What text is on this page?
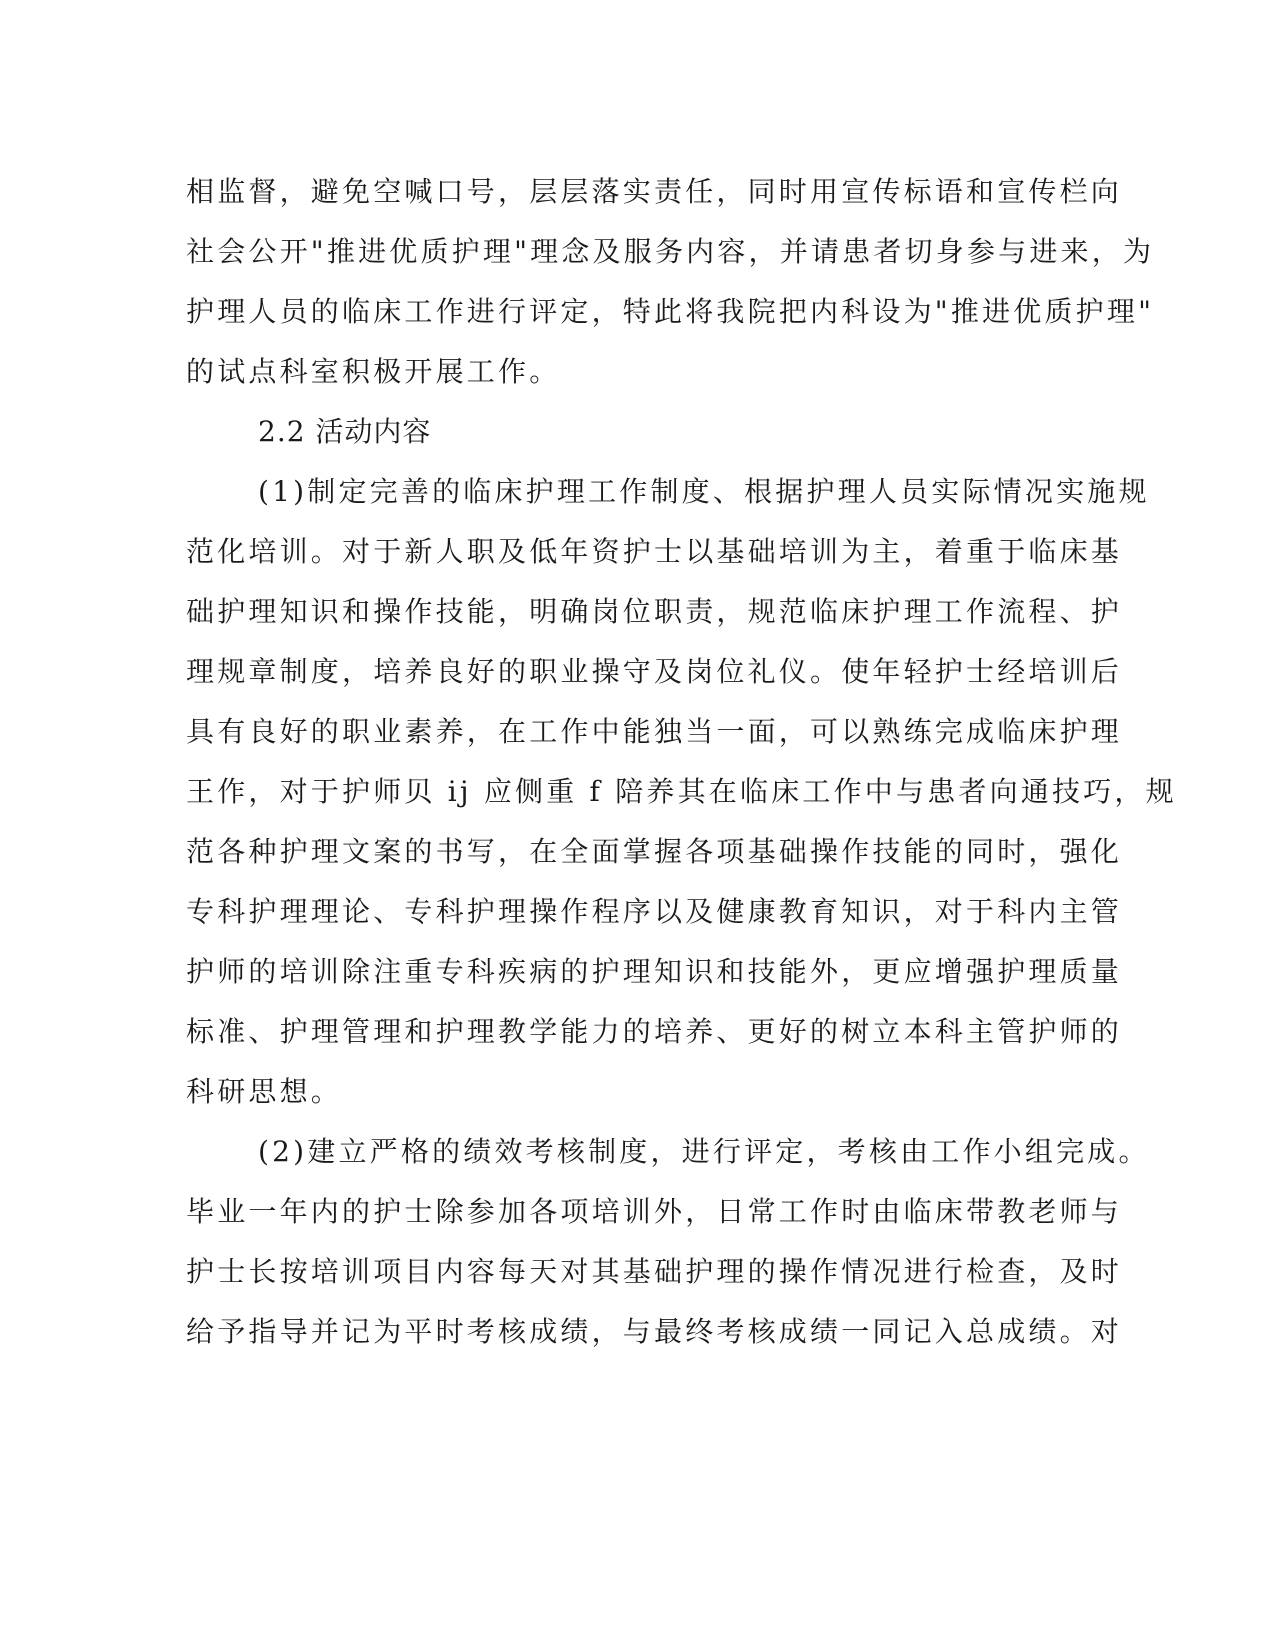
相监督，避免空喊口号，层层落实责任，同时用宣传标语和宣传栏向
社会公开"推进优质护理"理念及服务内容，并请患者切身参与进来，为
护理人员的临床工作进行评定，特此将我院把内科设为"推进优质护理"
的试点科室积极开展工作。
2.2 活动内容
(1)制定完善的临床护理工作制度、根据护理人员实际情况实施规
范化培训。对于新人职及低年资护士以基础培训为主，着重于临床基
础护理知识和操作技能，明确岗位职责，规范临床护理工作流程、护
理规章制度，培养良好的职业操守及岗位礼仪。使年轻护士经培训后
具有良好的职业素养，在工作中能独当一面，可以熟练完成临床护理
王作，对于护师贝 ij 应侧重 f 陪养其在临床工作中与患者向通技巧，规
范各种护理文案的书写，在全面掌握各项基础操作技能的同时，强化
专科护理理论、专科护理操作程序以及健康教育知识，对于科内主管
护师的培训除注重专科疾病的护理知识和技能外，更应增强护理质量
标准、护理管理和护理教学能力的培养、更好的树立本科主管护师的
科研思想。
(2)建立严格的绩效考核制度，进行评定，考核由工作小组完成。
毕业一年内的护士除参加各项培训外，日常工作时由临床带教老师与
护士长按培训项目内容每天对其基础护理的操作情况进行检查，及时
给予指导并记为平时考核成绩，与最终考核成绩一同记入总成绩。对
